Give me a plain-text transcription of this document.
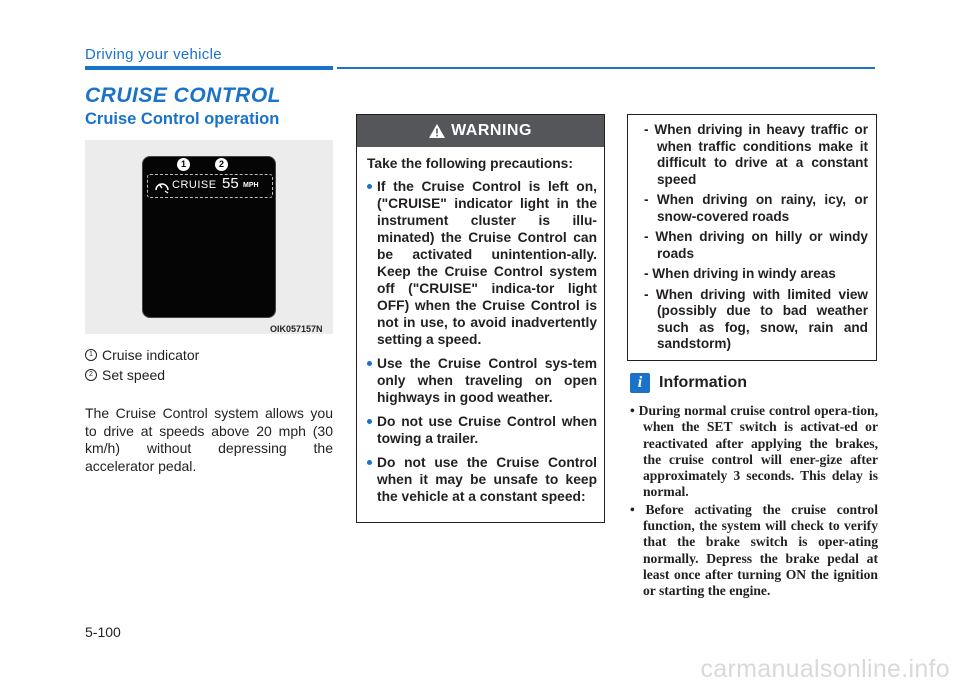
Driving your vehicle
CRUISE CONTROL
Cruise Control operation
1	2
CRUISE 55 MPH
OIK057157N
1 Cruise indicator
2 Set speed
The Cruise Control system allows you to drive at speeds above 20 mph (30 km/h) without depressing the accelerator pedal.
WARNING
Take the following precautions:
If the Cruise Control is left on, ("CRUISE" indicator light in the instrument cluster is illu-minated) the Cruise Control can be activated unintention-ally. Keep the Cruise Control system off ("CRUISE" indica-tor light OFF) when the Cruise Control is not in use, to avoid inadvertently setting a speed.
Use the Cruise Control sys-tem only when traveling on open highways in good weather.
Do not use Cruise Control when towing a trailer.
Do not use the Cruise Control when it may be unsafe to keep the vehicle at a constant speed:
- When driving in heavy traffic or when traffic conditions make it difficult to drive at a constant speed
- When driving on rainy, icy, or snow-covered roads
- When driving on hilly or windy roads
- When driving in windy areas
- When driving with limited view (possibly due to bad weather such as fog, snow, rain and sandstorm)
i	Information
• During normal cruise control opera-tion, when the SET switch is activat-ed or reactivated after applying the brakes, the cruise control will ener-gize after approximately 3 seconds. This delay is normal.
• Before activating the cruise control function, the system will check to verify that the brake switch is oper-ating normally. Depress the brake pedal at least once after turning ON the ignition or starting the engine.
5-100
carmanualsonline.info
